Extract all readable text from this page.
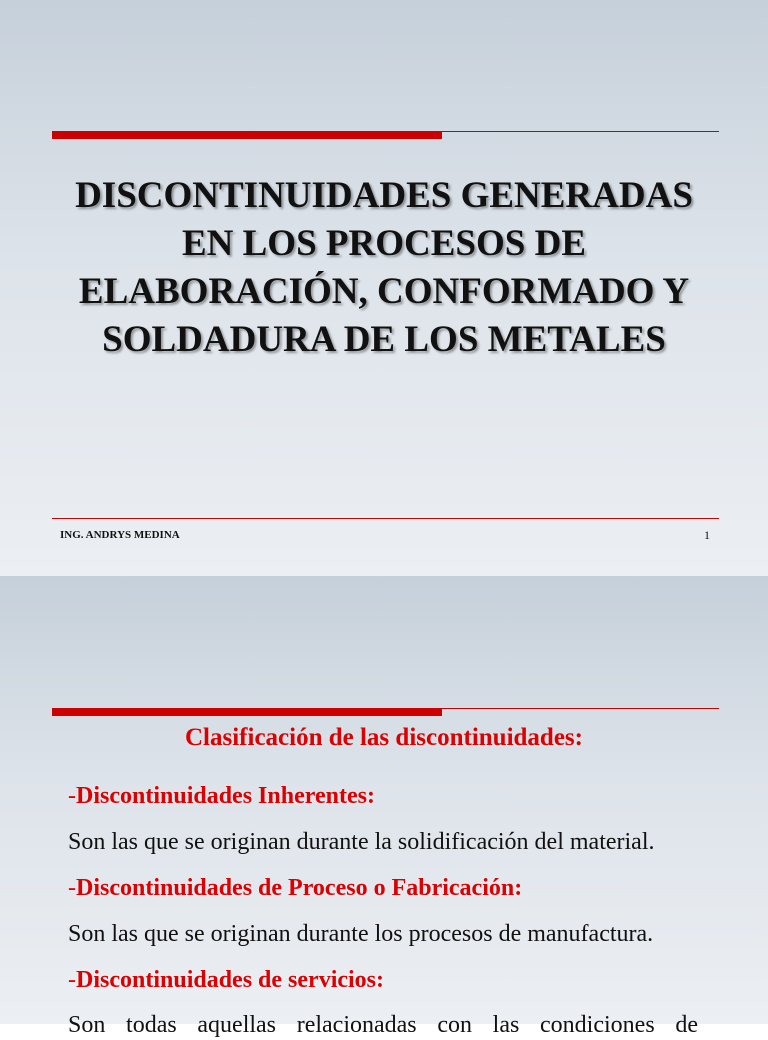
DISCONTINUIDADES GENERADAS
EN LOS PROCESOS DE
ELABORACIÓN, CONFORMADO Y
SOLDADURA DE LOS METALES
ING. ANDRYS MEDINA	1
Clasificación de las discontinuidades:
-Discontinuidades Inherentes:
Son las que se originan durante la solidificación del material.
-Discontinuidades de Proceso o Fabricación:
Son las que se originan durante los procesos de manufactura.
-Discontinuidades de servicios:
Son todas aquellas relacionadas con las condiciones de
